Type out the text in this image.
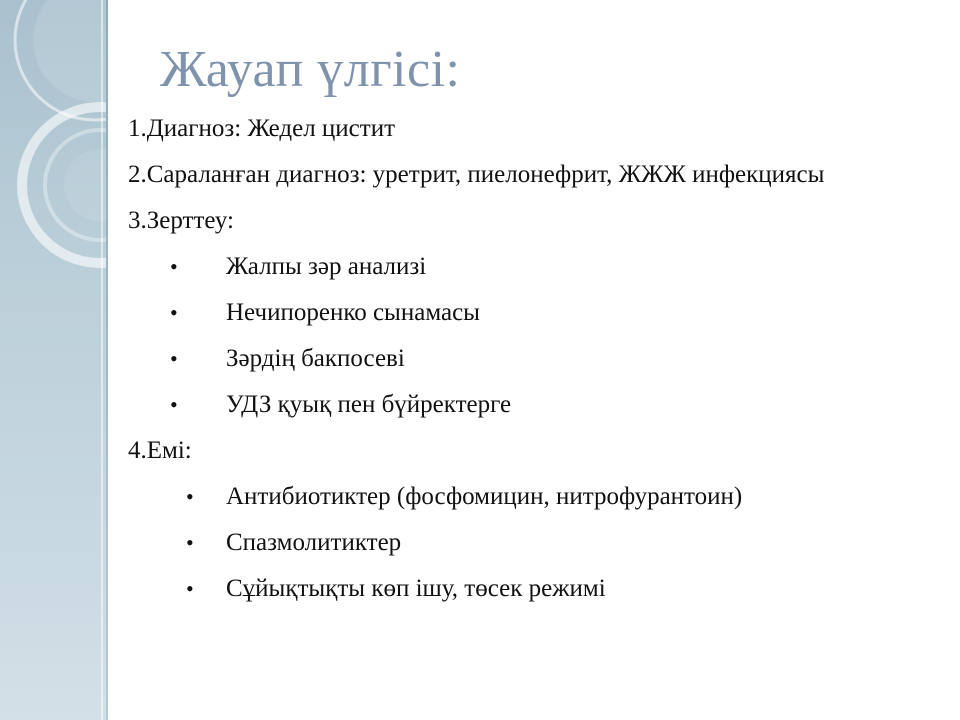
Жауап үлгісі:

1.Диагноз: Жедел цистит

2.Сараланған диагноз: уретрит, пиелонефрит, ЖЖЖ инфекциясы

3.Зерттеу:

• Жалпы зәр анализі
• Нечипоренко сынамасы
• Зәрдің бакпосеві
• УДЗ қуық пен бүйректерге

4.Емі:

• Антибиотиктер (фосфомицин, нитрофурантоин)
• Спазмолитиктер
• Сұйықтықты көп ішу, төсек режимі
